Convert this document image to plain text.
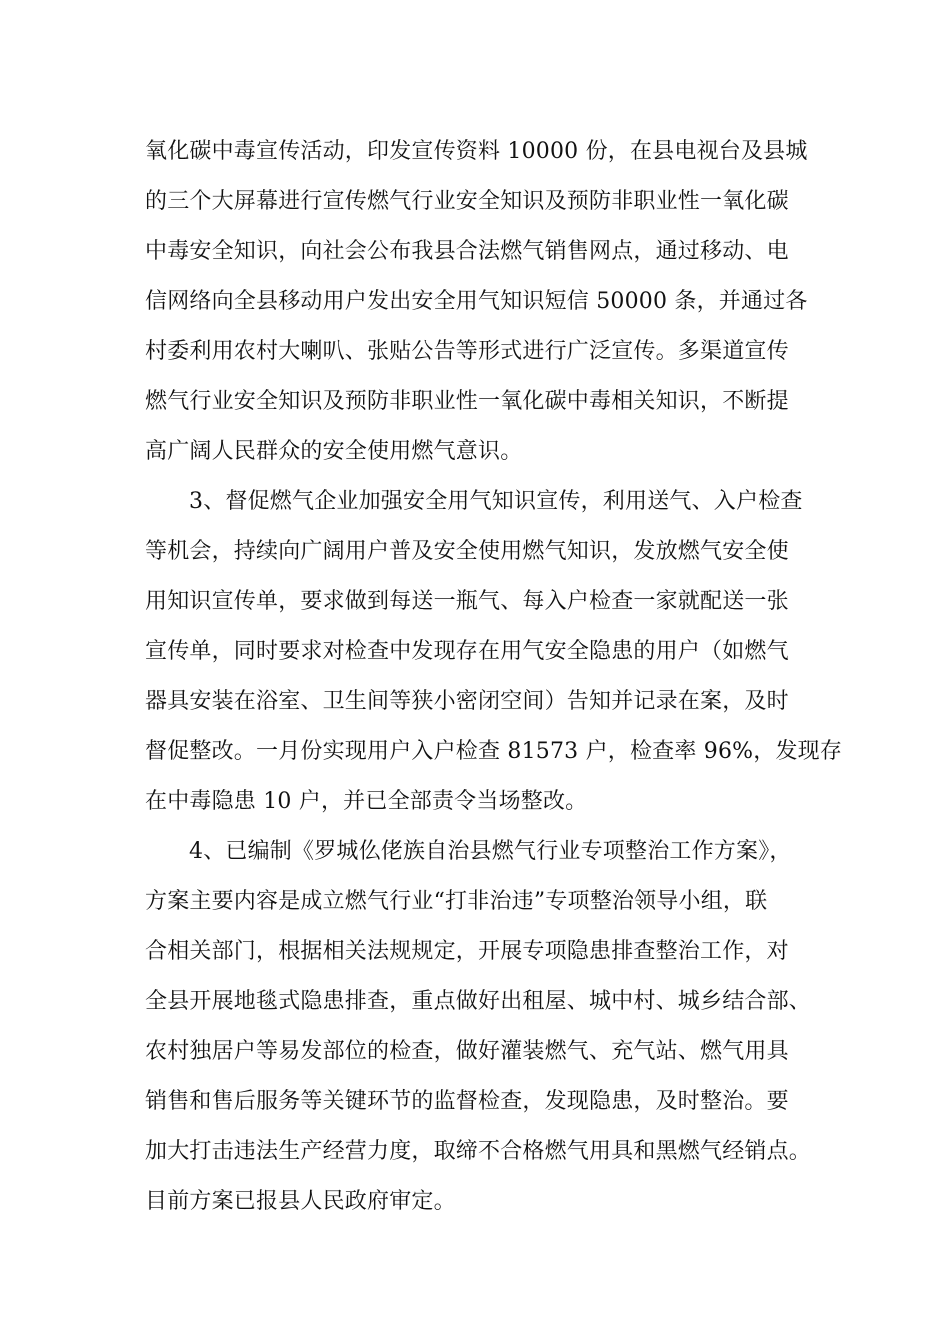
氧化碳中毒宣传活动，印发宣传资料 10000 份，在县电视台及县城
的三个大屏幕进行宣传燃气行业安全知识及预防非职业性一氧化碳
中毒安全知识，向社会公布我县合法燃气销售网点，通过移动、电
信网络向全县移动用户发出安全用气知识短信 50000 条，并通过各
村委利用农村大喇叭、张贴公告等形式进行广泛宣传。多渠道宣传
燃气行业安全知识及预防非职业性一氧化碳中毒相关知识，不断提
高广阔人民群众的安全使用燃气意识。
3、督促燃气企业加强安全用气知识宣传，利用送气、入户检查
等机会，持续向广阔用户普及安全使用燃气知识，发放燃气安全使
用知识宣传单，要求做到每送一瓶气、每入户检查一家就配送一张
宣传单，同时要求对检查中发现存在用气安全隐患的用户（如燃气
器具安装在浴室、卫生间等狭小密闭空间）告知并记录在案，及时
督促整改。一月份实现用户入户检查 81573 户，检查率 96%，发现存
在中毒隐患 10 户，并已全部责令当场整改。
4、已编制《罗城仫佬族自治县燃气行业专项整治工作方案》，
方案主要内容是成立燃气行业“打非治违”专项整治领导小组，联
合相关部门，根据相关法规规定，开展专项隐患排查整治工作，对
全县开展地毯式隐患排查，重点做好出租屋、城中村、城乡结合部、
农村独居户等易发部位的检查，做好灌装燃气、充气站、燃气用具
销售和售后服务等关键环节的监督检查，发现隐患，及时整治。要
加大打击违法生产经营力度，取缔不合格燃气用具和黑燃气经销点。
目前方案已报县人民政府审定。
